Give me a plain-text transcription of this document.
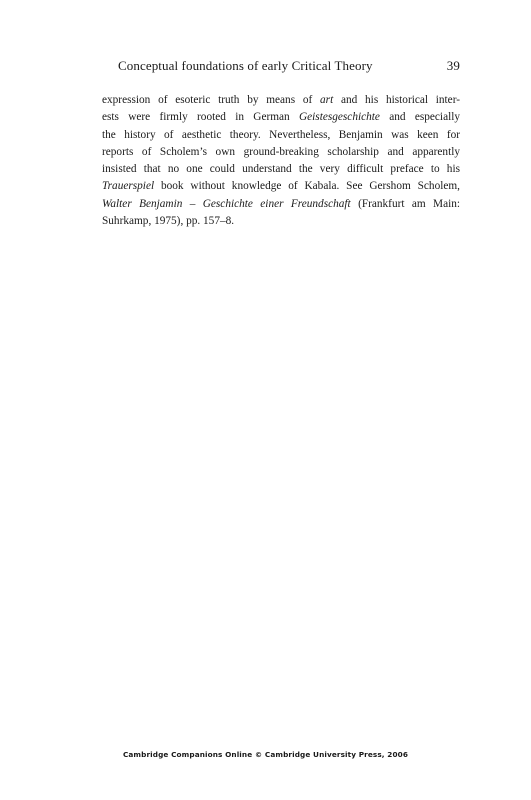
Conceptual foundations of early Critical Theory	39
expression of esoteric truth by means of art and his historical inter-
ests were firmly rooted in German Geistesgeschichte and especially
the history of aesthetic theory. Nevertheless, Benjamin was keen for
reports of Scholem’s own ground-breaking scholarship and apparently
insisted that no one could understand the very difficult preface to his
Trauerspiel book without knowledge of Kabala. See Gershom Scholem,
Walter Benjamin – Geschichte einer Freundschaft (Frankfurt am Main:
Suhrkamp, 1975), pp. 157–8.
Cambridge Companions Online © Cambridge University Press, 2006
